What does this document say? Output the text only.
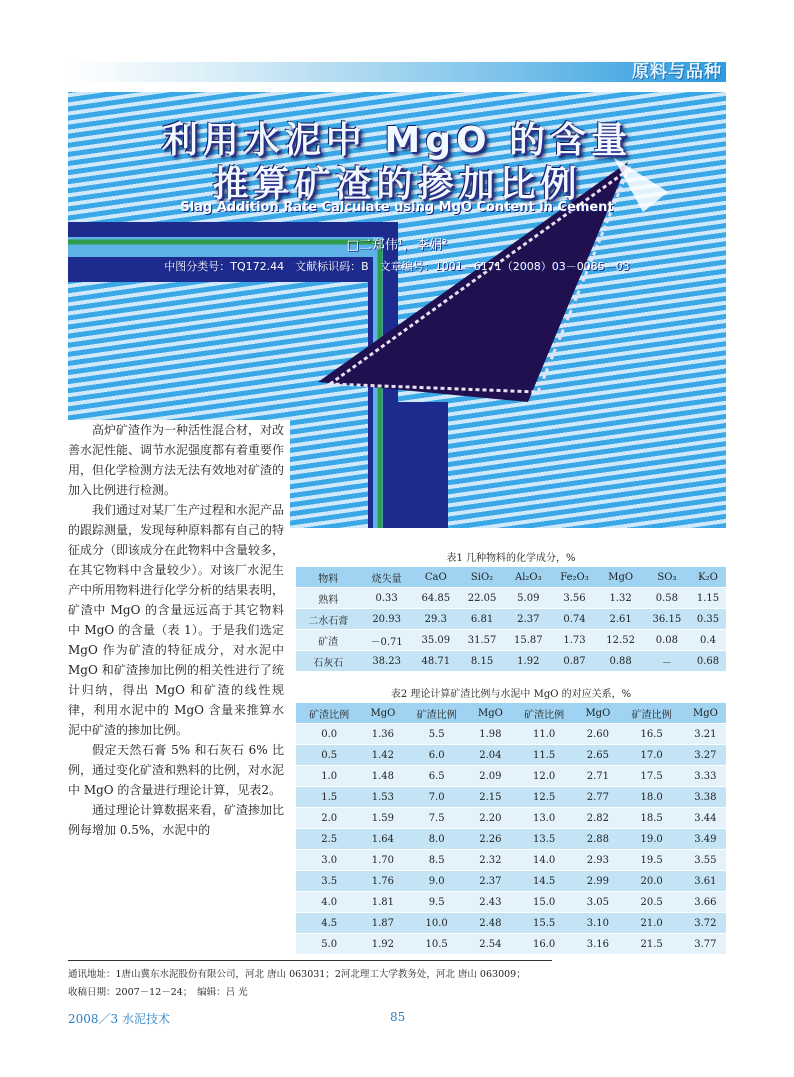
原料与品种
利用水泥中 MgO 的含量
推算矿渣的掺加比例
Slag Addition Rate Calculate using MgO Content in Cement
□二郑伟¹，李娟²
中图分类号：TQ172.44　文献标识码：B　文章编号：1001－6171（2008）03－0085－03

高炉矿渣作为一种活性混合材，对改善水泥性能、调节水泥强度都有着重要作用，但化学检测方法无法有效地对矿渣的加入比例进行检测。

我们通过对某厂生产过程和水泥产品的跟踪测量，发现每种原料都有自己的特征成分（即该成分在此物料中含量较多，在其它物料中含量较少）。对该厂水泥生产中所用物料进行化学分析的结果表明，矿渣中 MgO 的含量远远高于其它物料中 MgO 的含量（表 1）。于是我们选定 MgO 作为矿渣的特征成分，对水泥中 MgO 和矿渣掺加比例的相关性进行了统计归纳，得出 MgO 和矿渣的线性规律，利用水泥中的 MgO 含量来推算水泥中矿渣的掺加比例。

假定天然石膏 5% 和石灰石 6% 比例，通过变化矿渣和熟料的比例，对水泥中 MgO 的含量进行理论计算，见表2。

通过理论计算数据来看，矿渣掺加比例每增加 0.5%，水泥中的

表1 几种物料的化学成分，%
物料	烧失量	CaO	SiO₂	Al₂O₃	Fe₂O₃	MgO	SO₃	K₂O
熟料	0.33	64.85	22.05	5.09	3.56	1.32	0.58	1.15
二水石膏	20.93	29.3	6.81	2.37	0.74	2.61	36.15	0.35
矿渣	－0.71	35.09	31.57	15.87	1.73	12.52	0.08	0.4
石灰石	38.23	48.71	8.15	1.92	0.87	0.88	－	0.68
表2 理论计算矿渣比例与水泥中 MgO 的对应关系，%
矿渣比例	MgO	矿渣比例	MgO	矿渣比例	MgO	矿渣比例	MgO
0.0	1.36	5.5	1.98	11.0	2.60	16.5	3.21
0.5	1.42	6.0	2.04	11.5	2.65	17.0	3.27
1.0	1.48	6.5	2.09	12.0	2.71	17.5	3.33
1.5	1.53	7.0	2.15	12.5	2.77	18.0	3.38
2.0	1.59	7.5	2.20	13.0	2.82	18.5	3.44
2.5	1.64	8.0	2.26	13.5	2.88	19.0	3.49
3.0	1.70	8.5	2.32	14.0	2.93	19.5	3.55
3.5	1.76	9.0	2.37	14.5	2.99	20.0	3.61
4.0	1.81	9.5	2.43	15.0	3.05	20.5	3.66
4.5	1.87	10.0	2.48	15.5	3.10	21.0	3.72
5.0	1.92	10.5	2.54	16.0	3.16	21.5	3.77
通讯地址：1唐山冀东水泥股份有限公司，河北 唐山 063031；2河北理工大学教务处，河北 唐山 063009；
收稿日期：2007－12－24；　编辑：吕 光
2008／3 水泥技术	85
